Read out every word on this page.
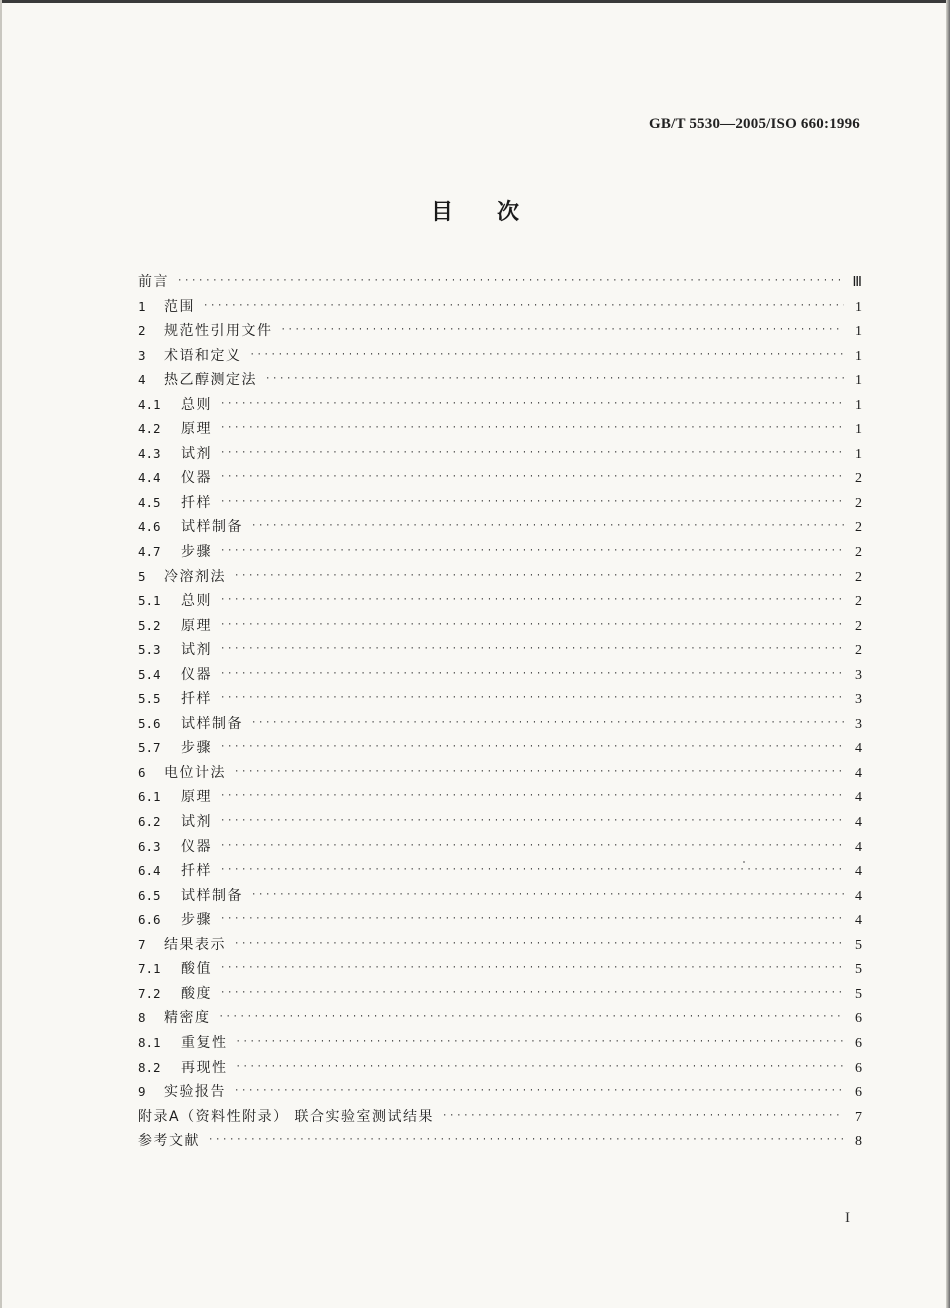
GB/T 5530—2005/ISO 660:1996
目次
前言 ·····	Ⅲ
1	范围 ·····	1
2	规范性引用文件 ·····	1
3	术语和定义 ·····	1
4	热乙醇测定法 ·····	1
4.1	总则 ·····	1
4.2	原理 ·····	1
4.3	试剂 ·····	1
4.4	仪器 ·····	2
4.5	扦样 ·····	2
4.6	试样制备 ·····	2
4.7	步骤 ·····	2
5	冷溶剂法 ·····	2
5.1	总则 ·····	2
5.2	原理 ·····	2
5.3	试剂 ·····	2
5.4	仪器 ·····	3
5.5	扦样 ·····	3
5.6	试样制备 ·····	3
5.7	步骤 ·····	4
6	电位计法 ·····	4
6.1	原理 ·····	4
6.2	试剂 ·····	4
6.3	仪器 ·····	4
6.4	扦样 ·····	4
6.5	试样制备 ·····	4
6.6	步骤 ·····	4
7	结果表示 ·····	5
7.1	酸值 ·····	5
7.2	酸度 ·····	5
8	精密度 ·····	6
8.1	重复性 ·····	6
8.2	再现性 ·····	6
9	实验报告 ·····	6
附录A（资料性附录） 联合实验室测试结果 ·····	7
参考文献 ·····	8
I
